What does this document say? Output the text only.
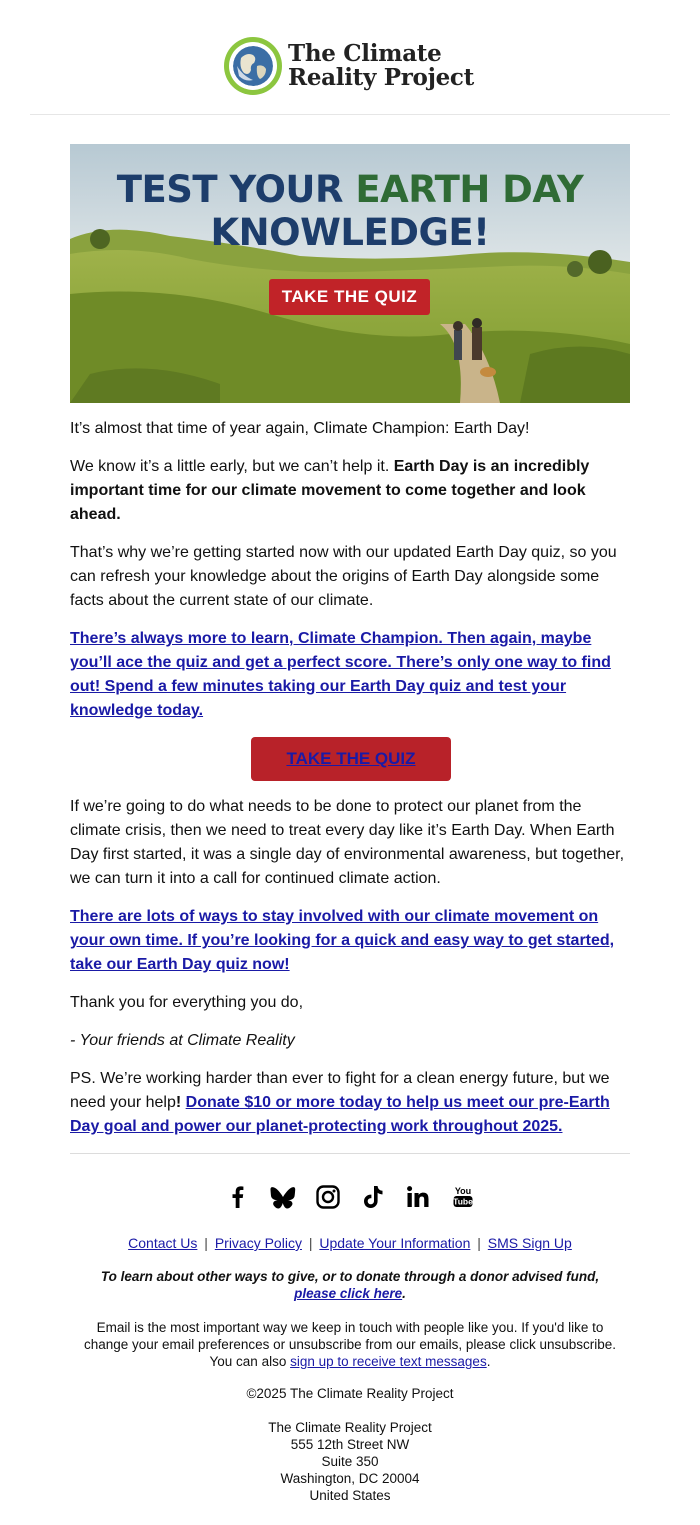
The Climate
Reality Project
TEST YOUR EARTH DAY
KNOWLEDGE!
TAKE THE QUIZ

It’s almost that time of year again, Climate Champion: Earth Day!

We know it’s a little early, but we can’t help it. Earth Day is an incredibly important time for our climate movement to come together and look ahead.

That’s why we’re getting started now with our updated Earth Day quiz, so you can refresh your knowledge about the origins of Earth Day alongside some facts about the current state of our climate.

There’s always more to learn, Climate Champion. Then again, maybe you’ll ace the quiz and get a perfect score. There’s only one way to find out! Spend a few minutes taking our Earth Day quiz and test your knowledge today.

TAKE THE QUIZ

If we’re going to do what needs to be done to protect our planet from the climate crisis, then we need to treat every day like it’s Earth Day. When Earth Day first started, it was a single day of environmental awareness, but together, we can turn it into a call for continued climate action.

There are lots of ways to stay involved with our climate movement on your own time. If you’re looking for a quick and easy way to get started, take our Earth Day quiz now!

Thank you for everything you do,

- Your friends at Climate Reality

PS. We’re working harder than ever to fight for a clean energy future, but we need your help! Donate $10 or more today to help us meet our pre-Earth Day goal and power our planet-protecting work throughout 2025.

You
Tube
Contact Us | Privacy Policy | Update Your Information | SMS Sign Up
To learn about other ways to give, or to donate through a donor advised fund, please click here.
Email is the most important way we keep in touch with people like you. If you'd like to change your email preferences or unsubscribe from our emails, please click unsubscribe. You can also sign up to receive text messages.
©2025 The Climate Reality Project
The Climate Reality Project
555 12th Street NW
Suite 350
Washington, DC 20004
United States
